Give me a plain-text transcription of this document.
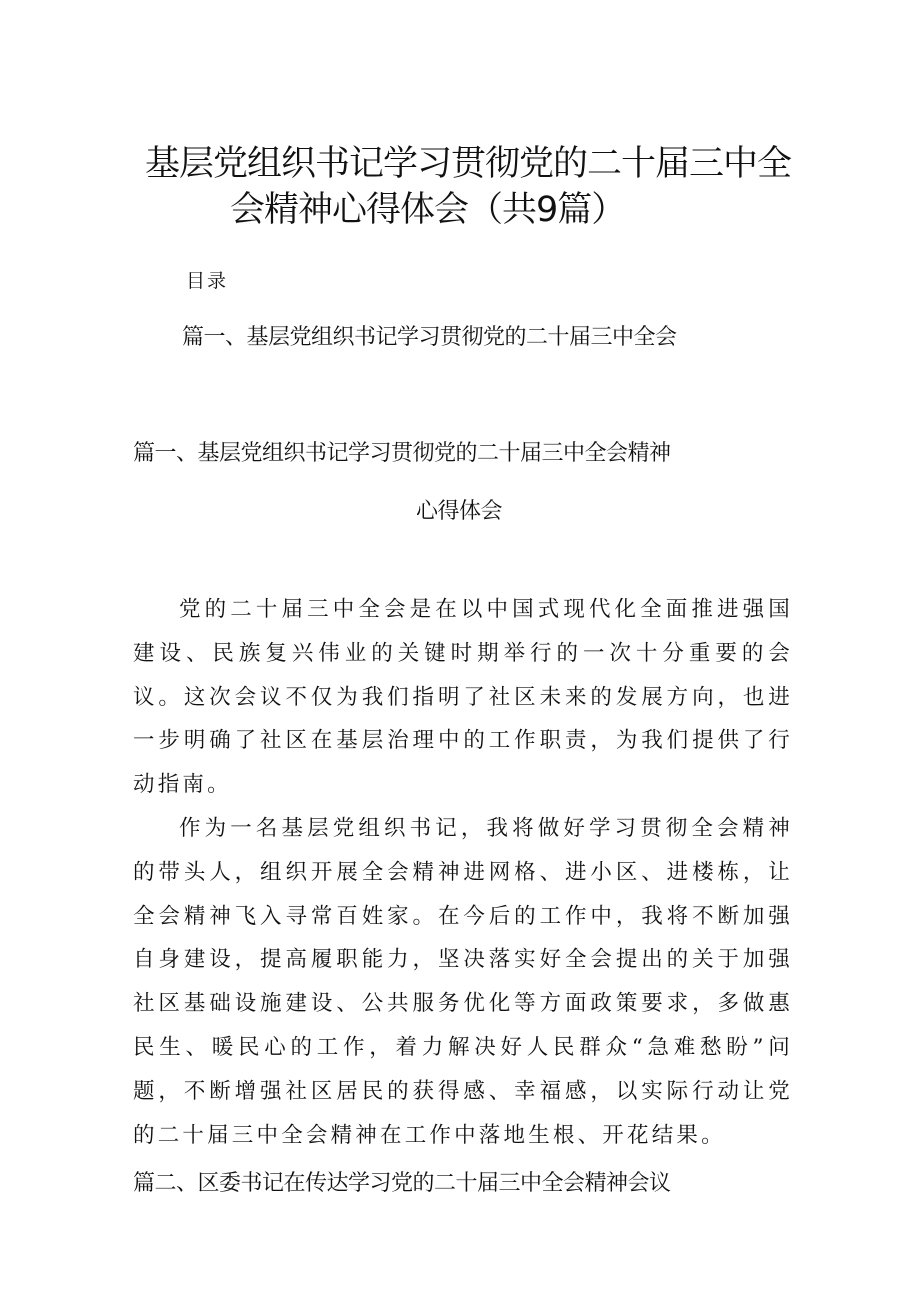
基层党组织书记学习贯彻党的二十届三中全
会精神心得体会（共9篇）
目录
篇一、基层党组织书记学习贯彻党的二十届三中全会
篇一、基层党组织书记学习贯彻党的二十届三中全会精神
心得体会

党的二十届三中全会是在以中国式现代化全面推进强国建设、民族复兴伟业的关键时期举行的一次十分重要的会议。这次会议不仅为我们指明了社区未来的发展方向，也进一步明确了社区在基层治理中的工作职责，为我们提供了行动指南。

作为一名基层党组织书记，我将做好学习贯彻全会精神的带头人，组织开展全会精神进网格、进小区、进楼栋，让全会精神飞入寻常百姓家。在今后的工作中，我将不断加强自身建设，提高履职能力，坚决落实好全会提出的关于加强社区基础设施建设、公共服务优化等方面政策要求，多做惠民生、暖民心的工作，着力解决好人民群众“急难愁盼”问题，不断增强社区居民的获得感、幸福感，以实际行动让党的二十届三中全会精神在工作中落地生根、开花结果。

篇二、区委书记在传达学习党的二十届三中全会精神会议
